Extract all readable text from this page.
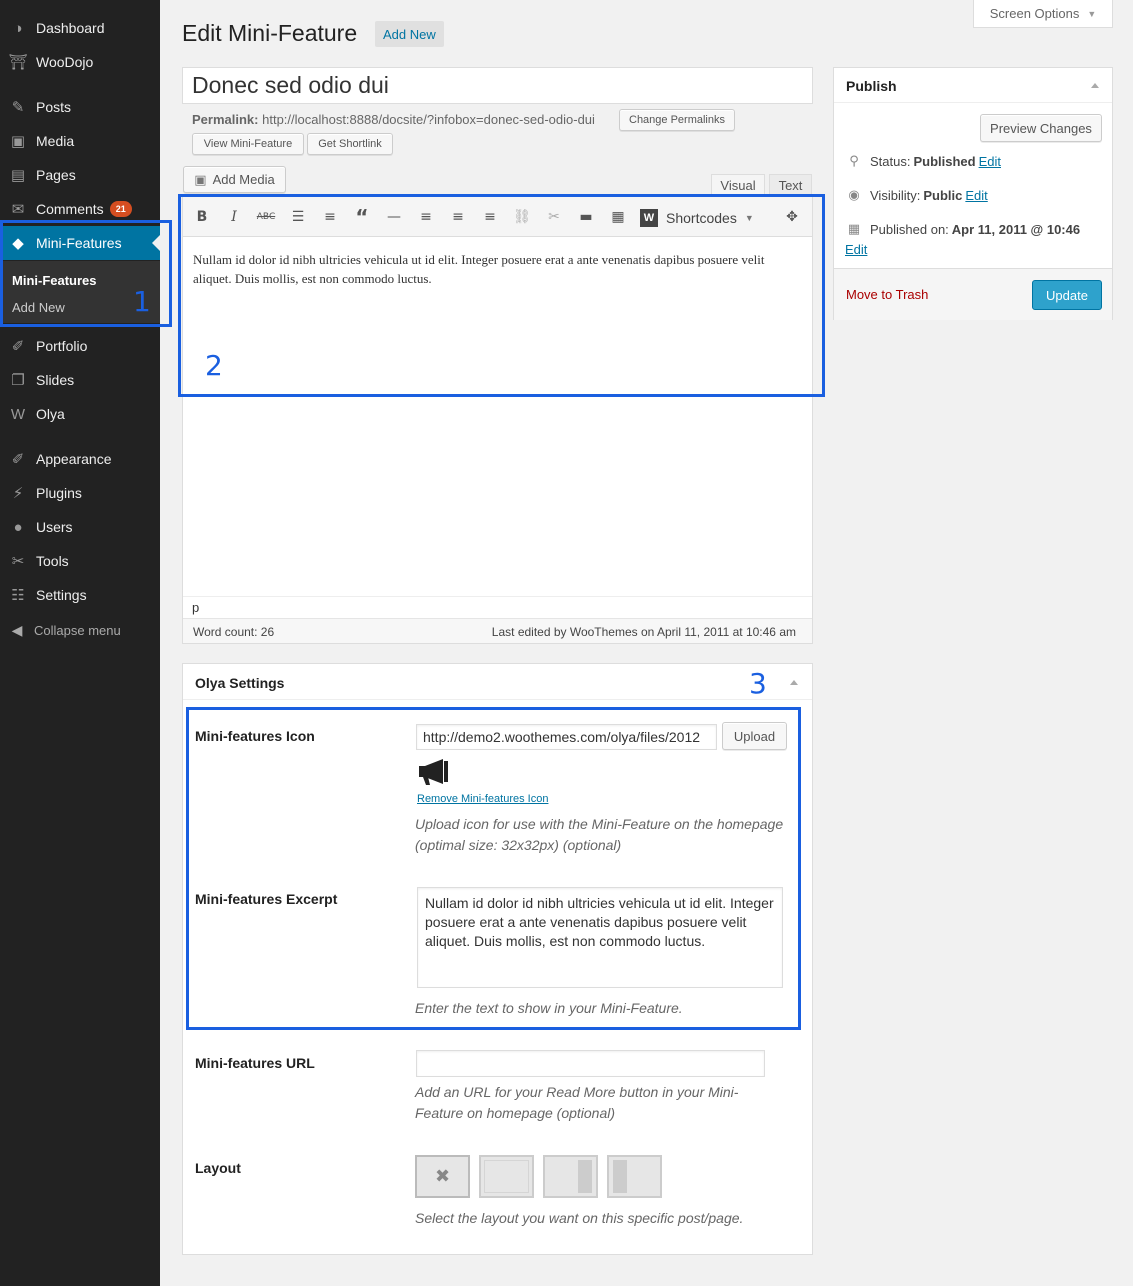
◑ Dashboard
⛩ WooDojo
✎ Posts
▣ Media
▤ Pages
✉ Comments	21
◆ Mini-Features
Mini-Features
Add New
✐ Portfolio
❐ Slides
W Olya
✐ Appearance
⚡ Plugins
● Users
✂ Tools
☷ Settings
◀ Collapse menu
Screen Options ▼
Edit Mini-Feature	Add New
Donec sed odio dui
Permalink: http://localhost:8888/docsite/?infobox=donec-sed-odio-dui	Change Permalinks
View Mini-Feature	Get Shortlink
▣ Add Media	Visual	Text
B	I	ABC	☰	≡ “	—	≡	≡	≡	⛓	✂	▬	▦	✥
W Shortcodes ▼
Nullam id dolor id nibh ultricies vehicula ut id elit. Integer posuere erat a ante venenatis dapibus posuere velit aliquet. Duis mollis, est non commodo luctus.
p
Word count: 26	Last edited by WooThemes on April 11, 2011 at 10:46 am
Publish
Preview Changes
⚲ Status: Published Edit
◉ Visibility: Public Edit
▦ Published on: Apr 11, 2011 @ 10:46
Edit
Move to Trash	Update
Olya Settings
Mini-features Icon	http://demo2.woothemes.com/olya/files/2012	Upload
Remove Mini-features Icon
Upload icon for use with the Mini-Feature on the homepage (optimal size: 32x32px) (optional)
Mini-features Excerpt	Nullam id dolor id nibh ultricies vehicula ut id elit. Integer posuere erat a ante venenatis dapibus posuere velit aliquet. Duis mollis, est non commodo luctus.
Enter the text to show in your Mini-Feature.
Mini-features URL
Add an URL for your Read More button in your Mini-Feature on homepage (optional)
Layout	✖
Select the layout you want on this specific post/page.
1
2
3
